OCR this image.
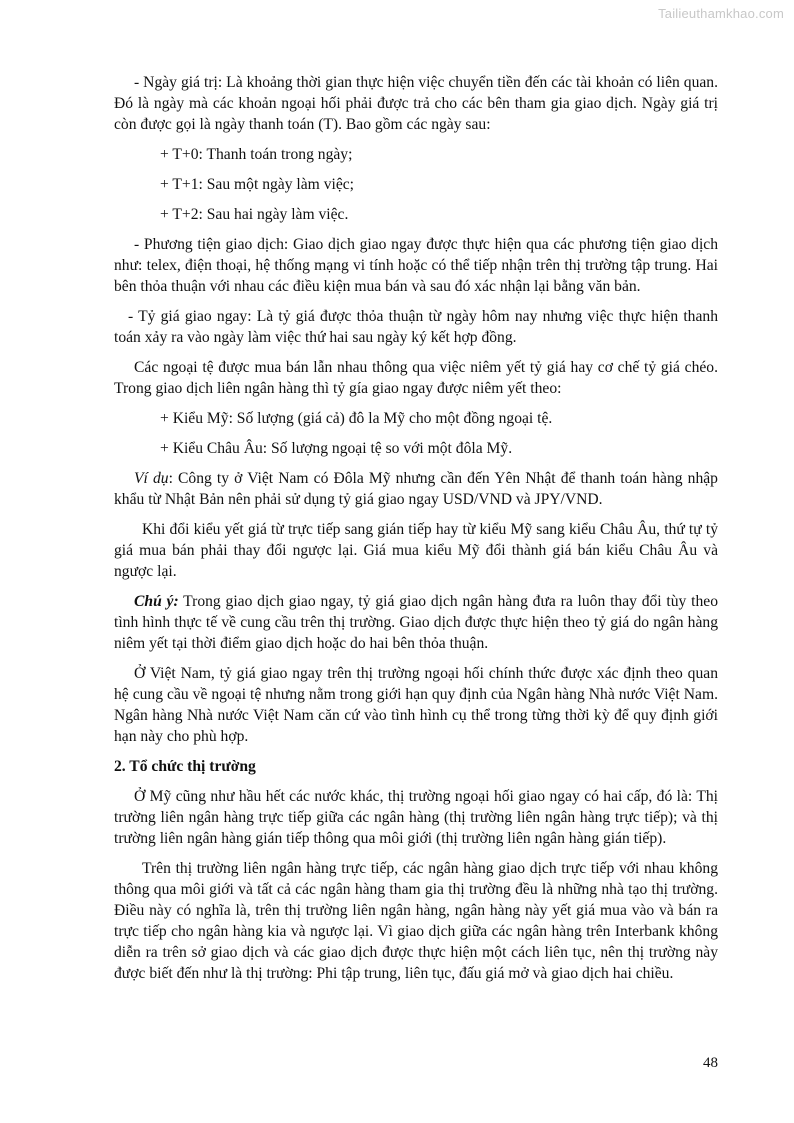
Tailieuthamkhao.com

- Ngày giá trị: Là khoảng thời gian thực hiện việc chuyển tiền đến các tài khoản có liên quan. Đó là ngày mà các khoản ngoại hối phải được trả cho các bên tham gia giao dịch. Ngày giá trị còn được gọi là ngày thanh toán (T). Bao gồm các ngày sau:

+ T+0: Thanh toán trong ngày;

+ T+1: Sau một ngày làm việc;

+ T+2: Sau hai ngày làm việc.

- Phương tiện giao dịch: Giao dịch giao ngay được thực hiện qua các phương tiện giao dịch như: telex, điện thoại, hệ thống mạng vi tính hoặc có thể tiếp nhận trên thị trường tập trung. Hai bên thỏa thuận với nhau các điều kiện mua bán và sau đó xác nhận lại bằng văn bản.

- Tỷ giá giao ngay: Là tỷ giá được thỏa thuận từ ngày hôm nay nhưng việc thực hiện thanh toán xảy ra vào ngày làm việc thứ hai sau ngày ký kết hợp đồng.

Các ngoại tệ được mua bán lẫn nhau thông qua việc niêm yết tỷ giá hay cơ chế tỷ giá chéo. Trong giao dịch liên ngân hàng thì tỷ gía giao ngay được niêm yết theo:

+ Kiểu Mỹ: Số lượng (giá cả) đô la Mỹ cho một đồng ngoại tệ.

+ Kiểu Châu Âu: Số lượng ngoại tệ so với một đôla Mỹ.

Ví dụ: Công ty ở Việt Nam có Đôla Mỹ nhưng cần đến Yên Nhật để thanh toán hàng nhập khẩu từ Nhật Bản nên phải sử dụng tỷ giá giao ngay USD/VND và JPY/VND.

Khi đổi kiểu yết giá từ trực tiếp sang gián tiếp hay từ kiểu Mỹ sang kiểu Châu Âu, thứ tự tỷ giá mua bán phải thay đổi ngược lại. Giá mua kiểu Mỹ đổi thành giá bán kiểu Châu Âu và ngược lại.

Chú ý: Trong giao dịch giao ngay, tỷ giá giao dịch ngân hàng đưa ra luôn thay đổi tùy theo tình hình thực tế về cung cầu trên thị trường. Giao dịch được thực hiện theo tỷ giá do ngân hàng niêm yết tại thời điểm giao dịch hoặc do hai bên thỏa thuận.

Ở Việt Nam, tỷ giá giao ngay trên thị trường ngoại hối chính thức được xác định theo quan hệ cung cầu về ngoại tệ nhưng nằm trong giới hạn quy định của Ngân hàng Nhà nước Việt Nam. Ngân hàng Nhà nước Việt Nam căn cứ vào tình hình cụ thể trong từng thời kỳ để quy định giới hạn này cho phù hợp.

2. Tổ chức thị trường

Ở Mỹ cũng như hầu hết các nước khác, thị trường ngoại hối giao ngay có hai cấp, đó là: Thị trường liên ngân hàng trực tiếp giữa các ngân hàng (thị trường liên ngân hàng trực tiếp); và thị trường liên ngân hàng gián tiếp thông qua môi giới (thị trường liên ngân hàng gián tiếp).

Trên thị trường liên ngân hàng trực tiếp, các ngân hàng giao dịch trực tiếp với nhau không thông qua môi giới và tất cả các ngân hàng tham gia thị trường đều là những nhà tạo thị trường. Điều này có nghĩa là, trên thị trường liên ngân hàng, ngân hàng này yết giá mua vào và bán ra trực tiếp cho ngân hàng kia và ngược lại. Vì giao dịch giữa các ngân hàng trên Interbank không diễn ra trên sở giao dịch và các giao dịch được thực hiện một cách liên tục, nên thị trường này được biết đến như là thị trường: Phi tập trung, liên tục, đấu giá mở và giao dịch hai chiều.

48
